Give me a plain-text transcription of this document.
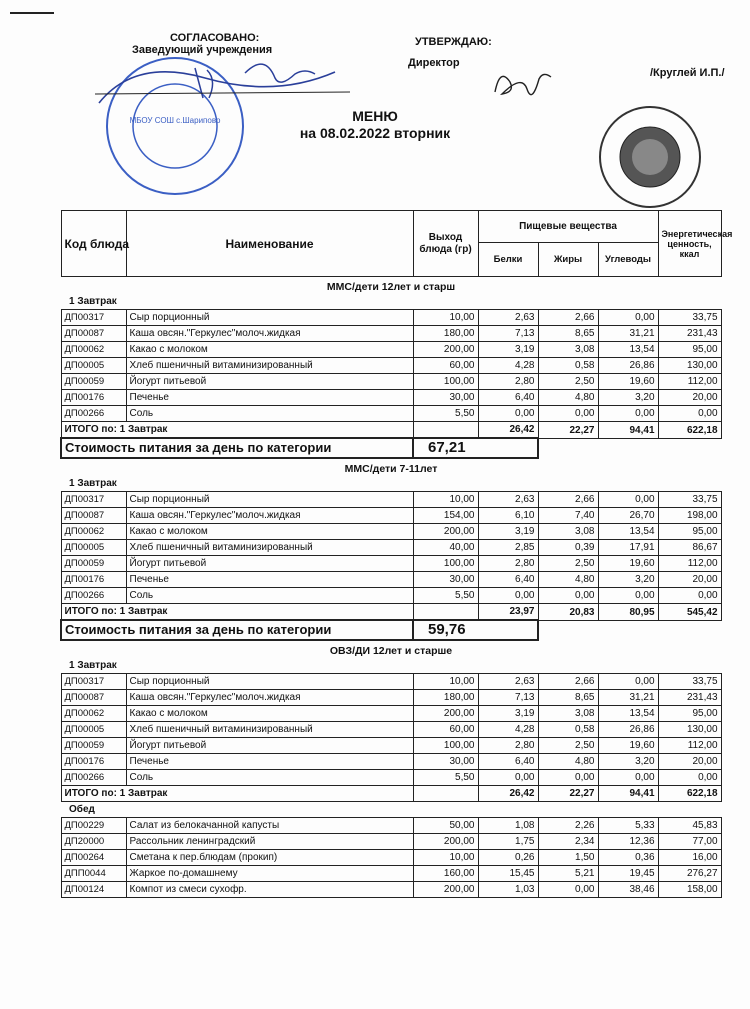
СОГЛАСОВАНО:
Заведующий учреждения
УТВЕРЖДАЮ:
Директор
/Круглей И.П./
МБОУ СОШ с.Шарипово	МЕНЮ
на 08.02.2022 вторник
Код блюда	Наименование	Выход блюда (гр)	Пищевые вещества			Энергетическая ценность, ккал
			Белки	Жиры	Углеводы	
ММС/дети 12лет и старш						
1 Завтрак						
ДП00317	Сыр порционный	10,00	2,63	2,66	0,00	33,75
ДП00087	Каша овсян."Геркулес"молоч.жидкая	180,00	7,13	8,65	31,21	231,43
ДП00062	Какао с молоком	200,00	3,19	3,08	13,54	95,00
ДП00005	Хлеб пшеничный витаминизированный	60,00	4,28	0,58	26,86	130,00
ДП00059	Йогурт питьевой	100,00	2,80	2,50	19,60	112,00
ДП00176	Печенье	30,00	6,40	4,80	3,20	20,00
ДП00266	Соль	5,50	0,00	0,00	0,00	0,00
ИТОГО по: 1 Завтрак			26,42	22,27	94,41	622,18
Стоимость питания за день по категории		67,21				
ММС/дети 7-11лет						
1 Завтрак						
ДП00317	Сыр порционный	10,00	2,63	2,66	0,00	33,75
ДП00087	Каша овсян."Геркулес"молоч.жидкая	154,00	6,10	7,40	26,70	198,00
ДП00062	Какао с молоком	200,00	3,19	3,08	13,54	95,00
ДП00005	Хлеб пшеничный витаминизированный	40,00	2,85	0,39	17,91	86,67
ДП00059	Йогурт питьевой	100,00	2,80	2,50	19,60	112,00
ДП00176	Печенье	30,00	6,40	4,80	3,20	20,00
ДП00266	Соль	5,50	0,00	0,00	0,00	0,00
ИТОГО по: 1 Завтрак			23,97	20,83	80,95	545,42
Стоимость питания за день по категории		59,76				
ОВЗ/ДИ 12лет и старше						
1 Завтрак						
ДП00317	Сыр порционный	10,00	2,63	2,66	0,00	33,75
ДП00087	Каша овсян."Геркулес"молоч.жидкая	180,00	7,13	8,65	31,21	231,43
ДП00062	Какао с молоком	200,00	3,19	3,08	13,54	95,00
ДП00005	Хлеб пшеничный витаминизированный	60,00	4,28	0,58	26,86	130,00
ДП00059	Йогурт питьевой	100,00	2,80	2,50	19,60	112,00
ДП00176	Печенье	30,00	6,40	4,80	3,20	20,00
ДП00266	Соль	5,50	0,00	0,00	0,00	0,00
ИТОГО по: 1 Завтрак			26,42	22,27	94,41	622,18
Обед						
ДП00229	Салат из белокачанной капусты	50,00	1,08	2,26	5,33	45,83
ДП20000	Рассольник ленинградский	200,00	1,75	2,34	12,36	77,00
ДП00264	Сметана к пер.блюдам (прокип)	10,00	0,26	1,50	0,36	16,00
ДПП0044	Жаркое по-домашнему	160,00	15,45	5,21	19,45	276,27
ДП00124	Компот из смеси сухофр.	200,00	1,03	0,00	38,46	158,00
